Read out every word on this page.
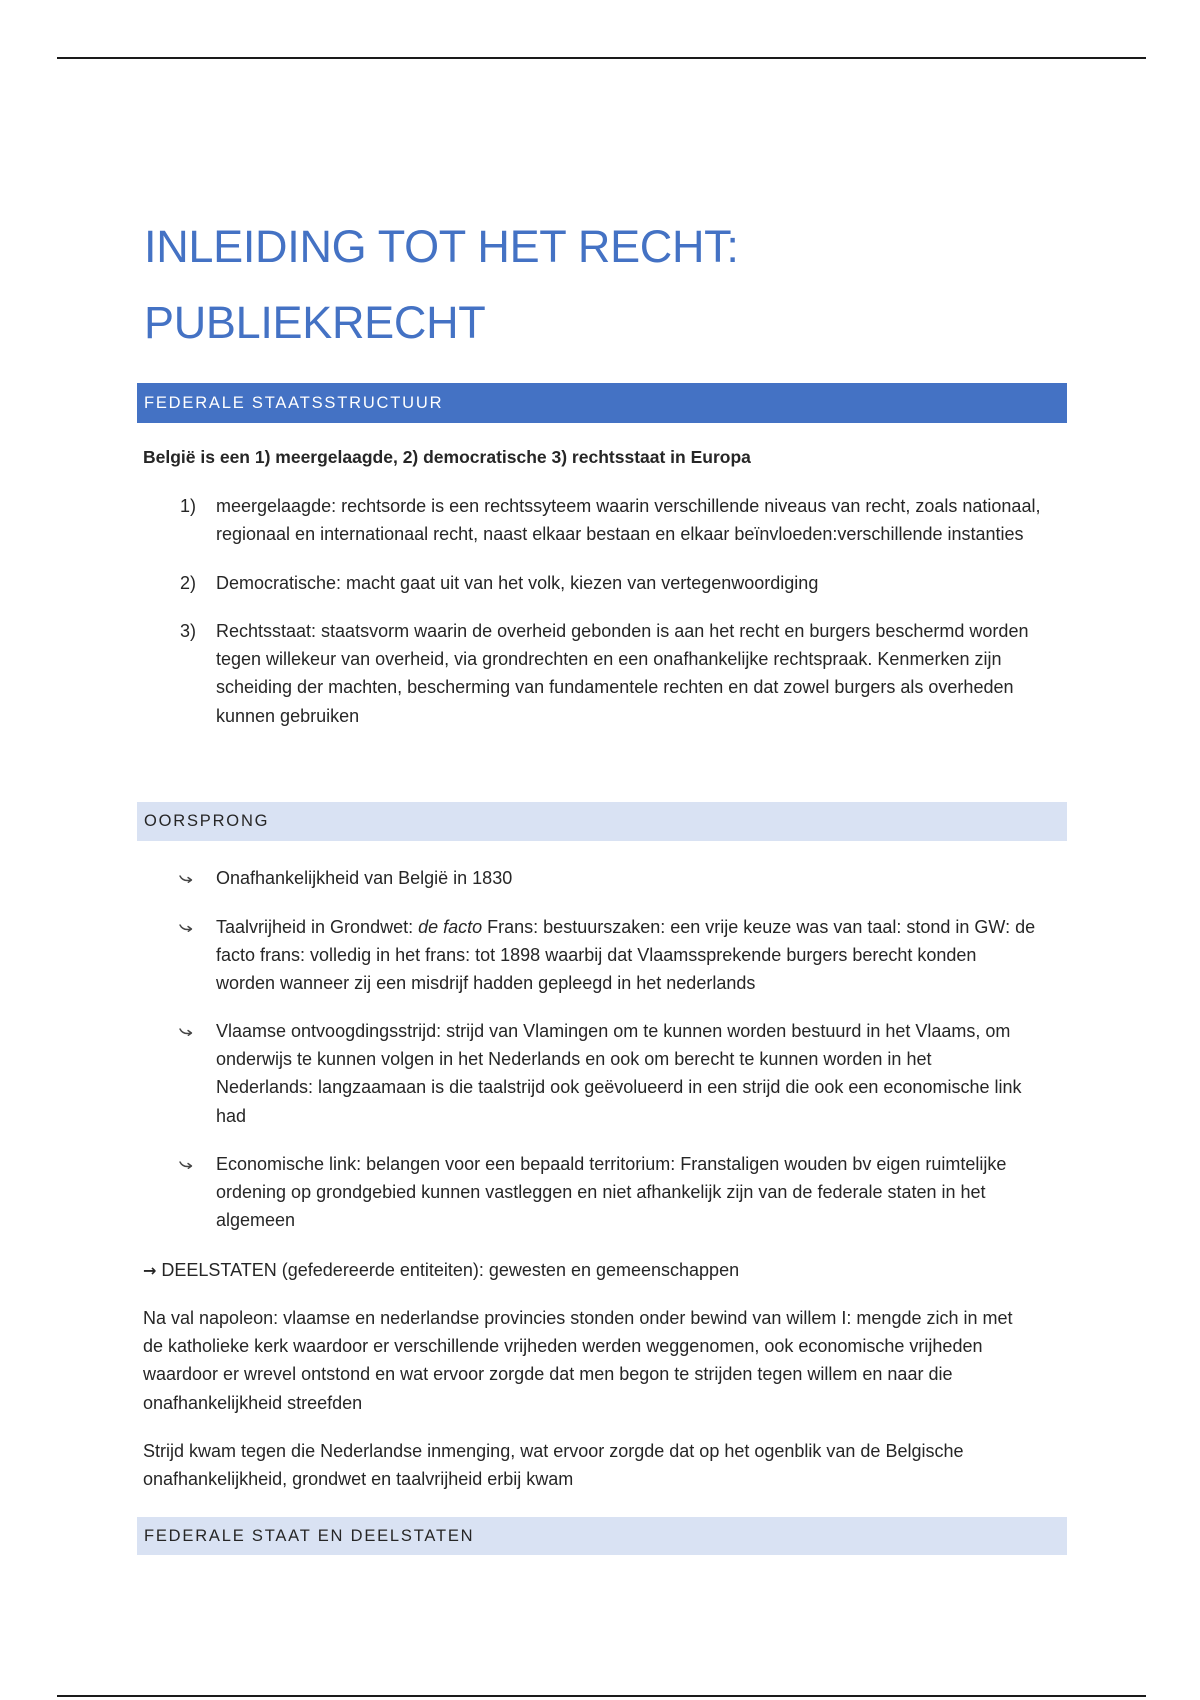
INLEIDING TOT HET RECHT:
PUBLIEKRECHT
FEDERALE STAATSSTRUCTUUR
België is een 1) meergelaagde, 2) democratische 3) rechtsstaat in Europa
1) meergelaagde: rechtsorde is een rechtssyteem waarin verschillende niveaus van recht, zoals nationaal,
regionaal en internationaal recht, naast elkaar bestaan en elkaar beïnvloeden:verschillende instanties
2) Democratische: macht gaat uit van het volk, kiezen van vertegenwoordiging
3) Rechtsstaat: staatsvorm waarin de overheid gebonden is aan het recht en burgers beschermd worden
tegen willekeur van overheid, via grondrechten en een onafhankelijke rechtspraak. Kenmerken zijn
scheiding der machten, bescherming van fundamentele rechten en dat zowel burgers als overheden
kunnen gebruiken
OORSPRONG
Onafhankelijkheid van België in 1830
Taalvrijheid in Grondwet: de facto Frans: bestuurszaken: een vrije keuze was van taal: stond in GW: de
facto frans: volledig in het frans: tot 1898 waarbij dat Vlaamssprekende burgers berecht konden
worden wanneer zij een misdrijf hadden gepleegd in het nederlands
Vlaamse ontvoogdingsstrijd: strijd van Vlamingen om te kunnen worden bestuurd in het Vlaams, om
onderwijs te kunnen volgen in het Nederlands en ook om berecht te kunnen worden in het
Nederlands: langzaamaan is die taalstrijd ook geëvolueerd in een strijd die ook een economische link
had
Economische link: belangen voor een bepaald territorium: Franstaligen wouden bv eigen ruimtelijke
ordening op grondgebied kunnen vastleggen en niet afhankelijk zijn van de federale staten in het
algemeen
→ DEELSTATEN (gefedereerde entiteiten): gewesten en gemeenschappen
Na val napoleon: vlaamse en nederlandse provincies stonden onder bewind van willem I: mengde zich in met
de katholieke kerk waardoor er verschillende vrijheden werden weggenomen, ook economische vrijheden
waardoor er wrevel ontstond en wat ervoor zorgde dat men begon te strijden tegen willem en naar die
onafhankelijkheid streefden
Strijd kwam tegen die Nederlandse inmenging, wat ervoor zorgde dat op het ogenblik van de Belgische
onafhankelijkheid, grondwet en taalvrijheid erbij kwam
FEDERALE STAAT EN DEELSTATEN
